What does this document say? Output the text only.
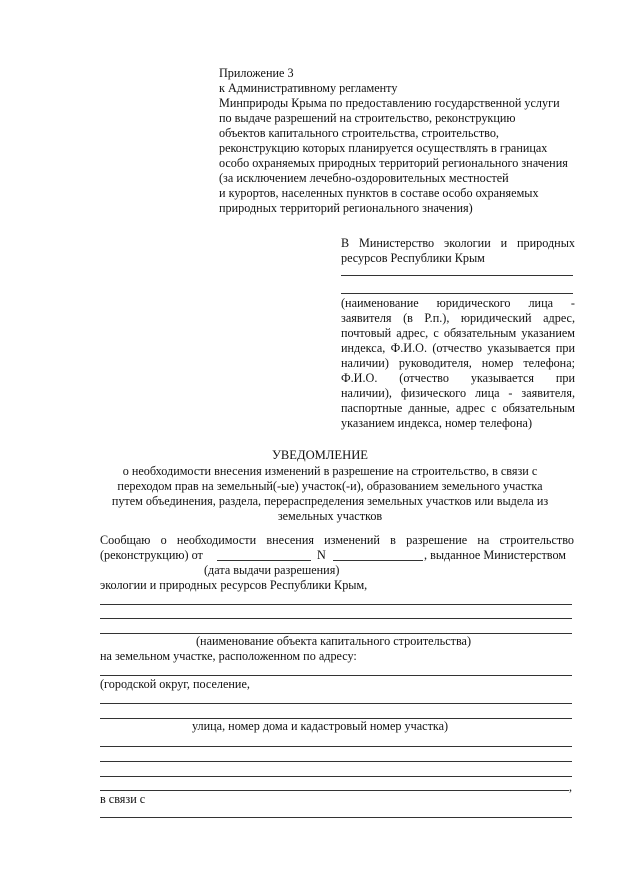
Приложение 3
к Административному регламенту
Минприроды Крыма по предоставлению государственной услуги
по выдаче разрешений на строительство, реконструкцию
объектов капитального строительства, строительство,
реконструкцию которых планируется осуществлять в границах
особо охраняемых природных территорий регионального значения
(за исключением лечебно-оздоровительных местностей
и курортов, населенных пунктов в составе особо охраняемых
природных территорий регионального значения)
В Министерство экологии и природных
ресурсов Республики Крым
(наименование юридического лица -
заявителя (в Р.п.), юридический адрес,
почтовый адрес, с обязательным указанием
индекса, Ф.И.О. (отчество указывается при
наличии) руководителя, номер телефона;
Ф.И.О. (отчество указывается при
наличии), физического лица - заявителя,
паспортные данные, адрес с обязательным
указанием индекса, номер телефона)
УВЕДОМЛЕНИЕ
о необходимости внесения изменений в разрешение на строительство, в связи с
переходом прав на земельный(-ые) участок(-и), образованием земельного участка
путем объединения, раздела, перераспределения земельных участков или выдела из
земельных участков
Сообщаю о необходимости внесения изменений в разрешение на строительство
(реконструкцию) от	N	, выданное Министерством
(дата выдачи разрешения)
экологии и природных ресурсов Республики Крым,
(наименование объекта капитального строительства)
на земельном участке, расположенном по адресу:
(городской округ, поселение,
улица, номер дома и кадастровый номер участка)
,
в связи с
